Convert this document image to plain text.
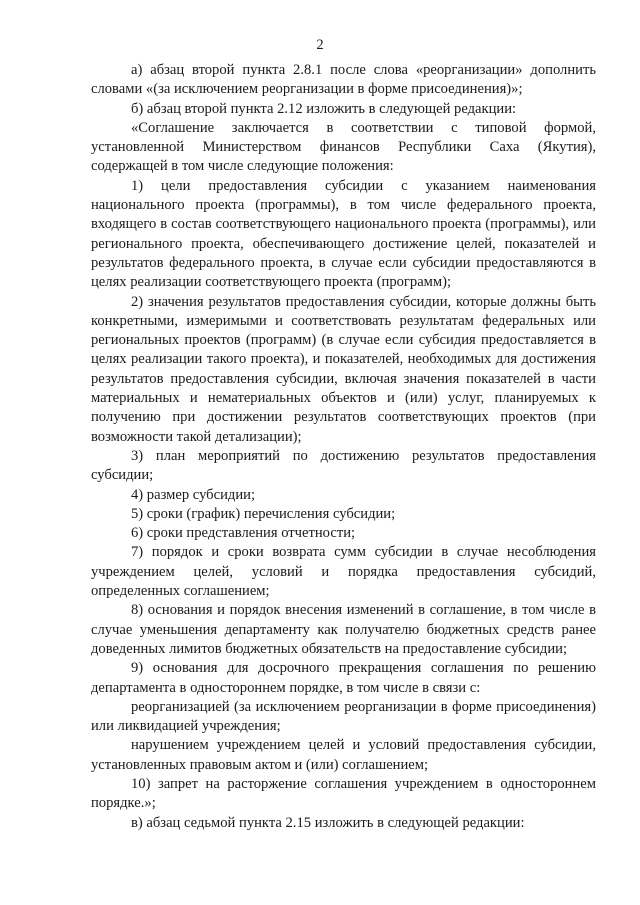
2

а) абзац второй пункта 2.8.1 после слова «реорганизации» дополнить словами «(за исключением реорганизации в форме присоединения)»;

б) абзац второй пункта 2.12 изложить в следующей редакции:

«Соглашение заключается в соответствии с типовой формой, установленной Министерством финансов Республики Саха (Якутия), содержащей в том числе следующие положения:

1) цели предоставления субсидии с указанием наименования национального проекта (программы), в том числе федерального проекта, входящего в состав соответствующего национального проекта (программы), или регионального проекта, обеспечивающего достижение целей, показателей и результатов федерального проекта, в случае если субсидии предоставляются в целях реализации соответствующего проекта (программ);

2) значения результатов предоставления субсидии, которые должны быть конкретными, измеримыми и соответствовать результатам федеральных или региональных проектов (программ) (в случае если субсидия предоставляется в целях реализации такого проекта), и показателей, необходимых для достижения результатов предоставления субсидии, включая значения показателей в части материальных и нематериальных объектов и (или) услуг, планируемых к получению при достижении результатов соответствующих проектов (при возможности такой детализации);

3) план мероприятий по достижению результатов предоставления субсидии;

4) размер субсидии;

5) сроки (график) перечисления субсидии;

6) сроки представления отчетности;

7) порядок и сроки возврата сумм субсидии в случае несоблюдения учреждением целей, условий и порядка предоставления субсидий, определенных соглашением;

8) основания и порядок внесения изменений в соглашение, в том числе в случае уменьшения департаменту как получателю бюджетных средств ранее доведенных лимитов бюджетных обязательств на предоставление субсидии;

9) основания для досрочного прекращения соглашения по решению департамента в одностороннем порядке, в том числе в связи с:

реорганизацией (за исключением реорганизации в форме присоединения) или ликвидацией учреждения;

нарушением учреждением целей и условий предоставления субсидии, установленных правовым актом и (или) соглашением;

10) запрет на расторжение соглашения учреждением в одностороннем порядке.»;

в) абзац седьмой пункта 2.15 изложить в следующей редакции:
